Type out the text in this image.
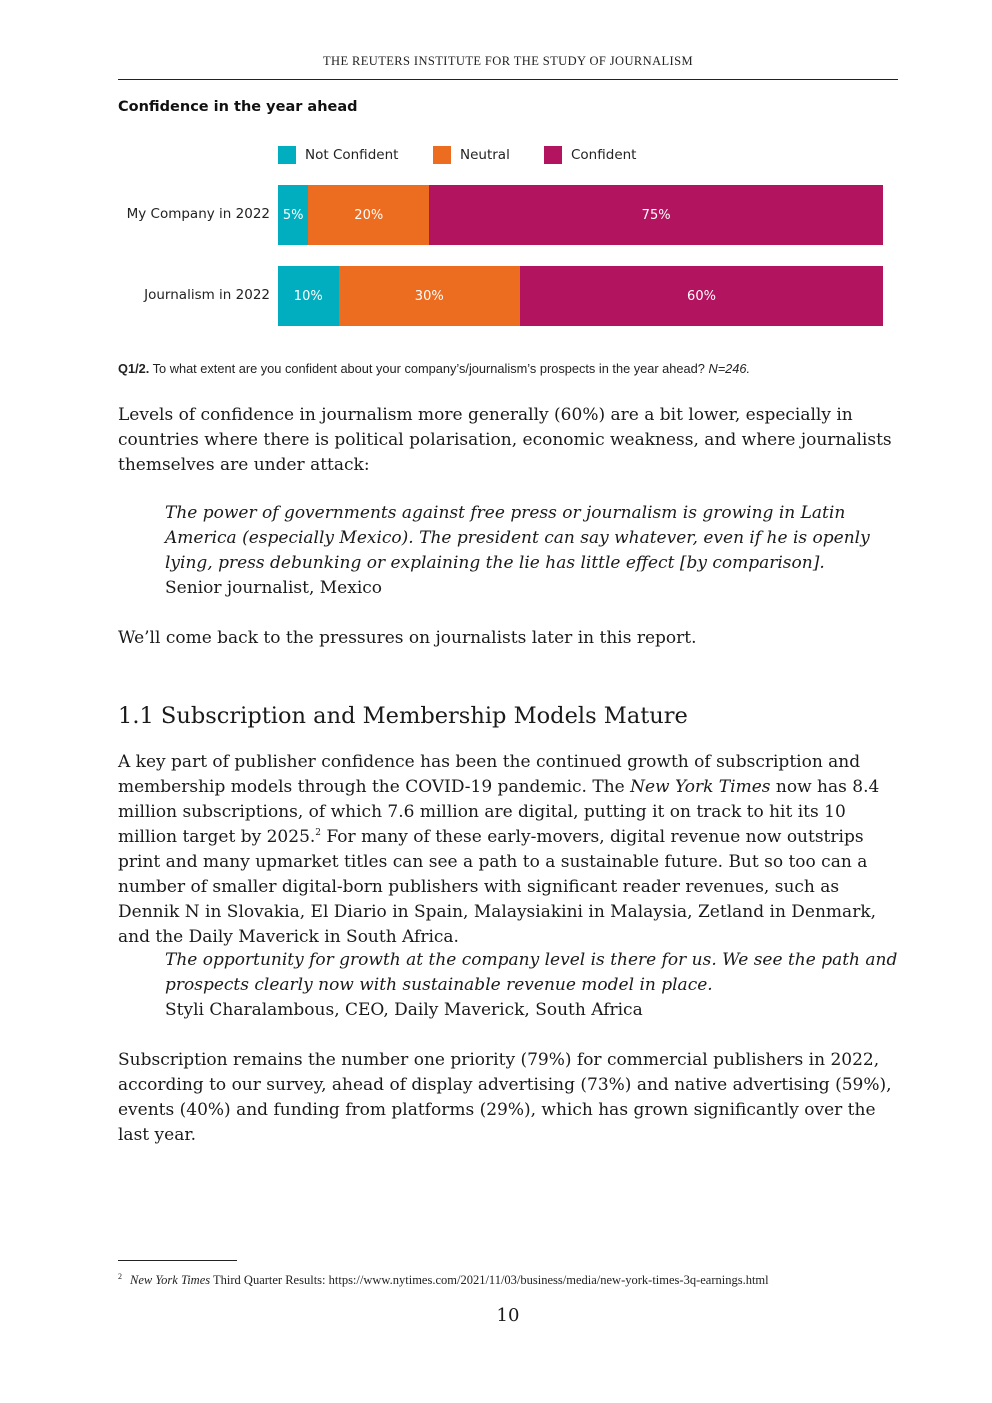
THE REUTERS INSTITUTE FOR THE STUDY OF JOURNALISM
Confidence in the year ahead
Not Confident	Neutral	Confident
My Company in 2022 5%	20%	75%
Journalism in 2022	10%	30%	60%
Q1/2. To what extent are you confident about your company’s/journalism’s prospects in the year ahead? N=246.

Levels of confidence in journalism more generally (60%) are a bit lower, especially in countries where there is political polarisation, economic weakness, and where journalists themselves are under attack:

The power of governments against free press or journalism is growing in Latin America (especially Mexico). The president can say whatever, even if he is openly lying, press debunking or explaining the lie has little effect [by comparison].
Senior journalist, Mexico

We’ll come back to the pressures on journalists later in this report.

1.1 Subscription and Membership Models Mature

A key part of publisher confidence has been the continued growth of subscription and membership models through the COVID-19 pandemic. The New York Times now has 8.4 million subscriptions, of which 7.6 million are digital, putting it on track to hit its 10 million target by 2025.$^2$ For many of these early-movers, digital revenue now outstrips print and many upmarket titles can see a path to a sustainable future. But so too can a number of smaller digital-born publishers with significant reader revenues, such as Dennik N in Slovakia, El Diario in Spain, Malaysiakini in Malaysia, Zetland in Denmark, and the Daily Maverick in South Africa.

The opportunity for growth at the company level is there for us. We see the path and prospects clearly now with sustainable revenue model in place.
Styli Charalambous, CEO, Daily Maverick, South Africa

Subscription remains the number one priority (79%) for commercial publishers in 2022, according to our survey, ahead of display advertising (73%) and native advertising (59%), events (40%) and funding from platforms (29%), which has grown significantly over the last year.

$^2$ New York Times Third Quarter Results: https://www.nytimes.com/2021/11/03/business/media/new-york-times-3q-earnings.html
10
